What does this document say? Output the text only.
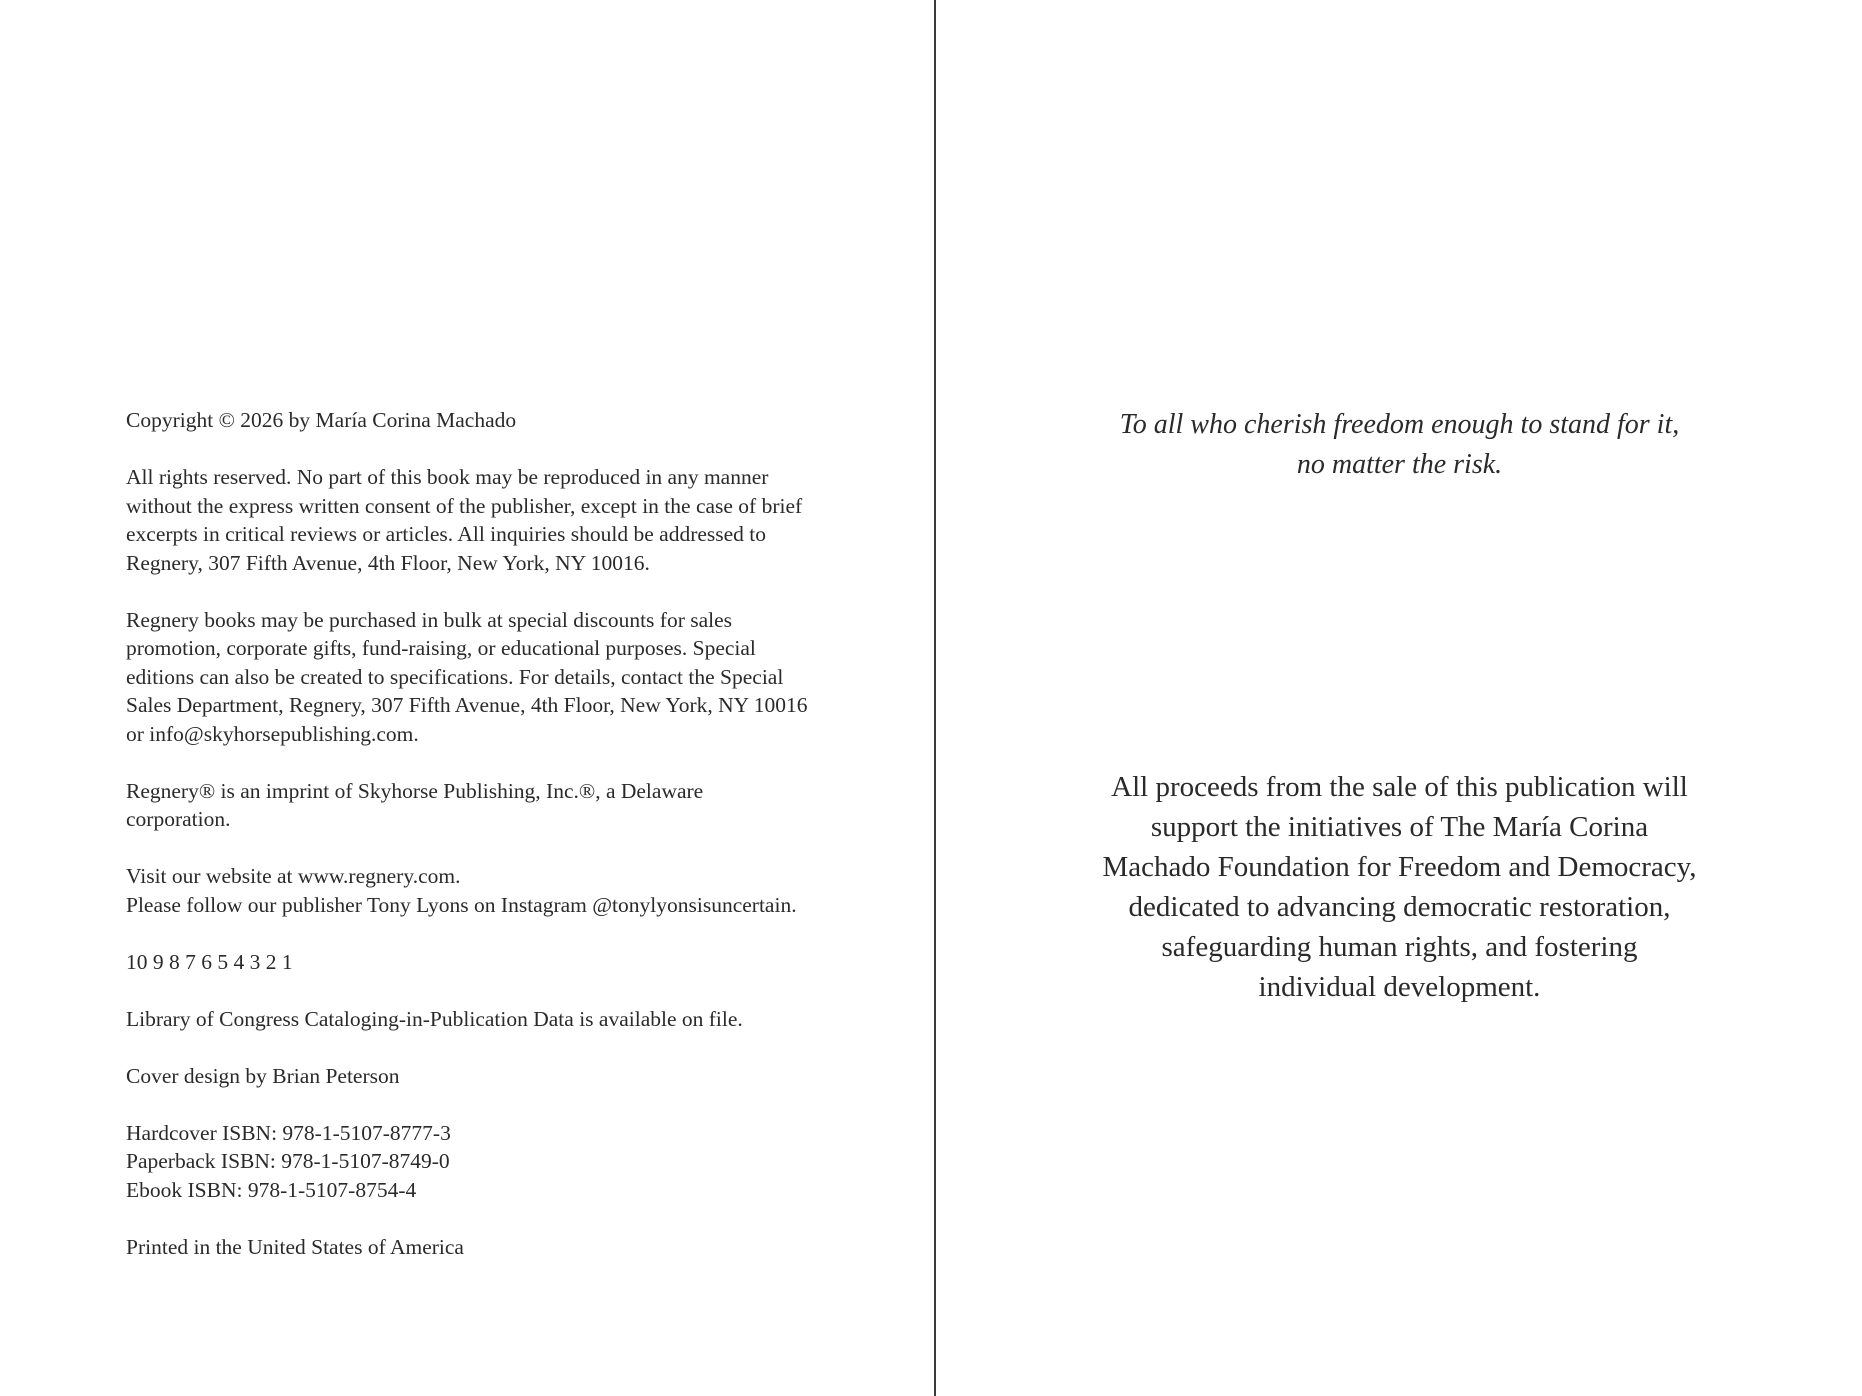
Copyright © 2026 by María Corina Machado

All rights reserved. No part of this book may be reproduced in any manner without the express written consent of the publisher, except in the case of brief excerpts in critical reviews or articles. All inquiries should be addressed to Regnery, 307 Fifth Avenue, 4th Floor, New York, NY 10016.

Regnery books may be purchased in bulk at special discounts for sales promotion, corporate gifts, fund-raising, or educational purposes. Special editions can also be created to specifications. For details, contact the Special Sales Department, Regnery, 307 Fifth Avenue, 4th Floor, New York, NY 10016 or info@skyhorsepublishing.com.

Regnery® is an imprint of Skyhorse Publishing, Inc.®, a Delaware corporation.

Visit our website at www.regnery.com.

Please follow our publisher Tony Lyons on Instagram @tonylyonsisuncertain.

10 9 8 7 6 5 4 3 2 1

Library of Congress Cataloging-in-Publication Data is available on file.

Cover design by Brian Peterson

Hardcover ISBN: 978-1-5107-8777-3

Paperback ISBN: 978-1-5107-8749-0

Ebook ISBN: 978-1-5107-8754-4

Printed in the United States of America

To all who cherish freedom enough to stand for it,
no matter the risk.
All proceeds from the sale of this publication will
support the initiatives of The María Corina
Machado Foundation for Freedom and Democracy,
dedicated to advancing democratic restoration,
safeguarding human rights, and fostering
individual development.
